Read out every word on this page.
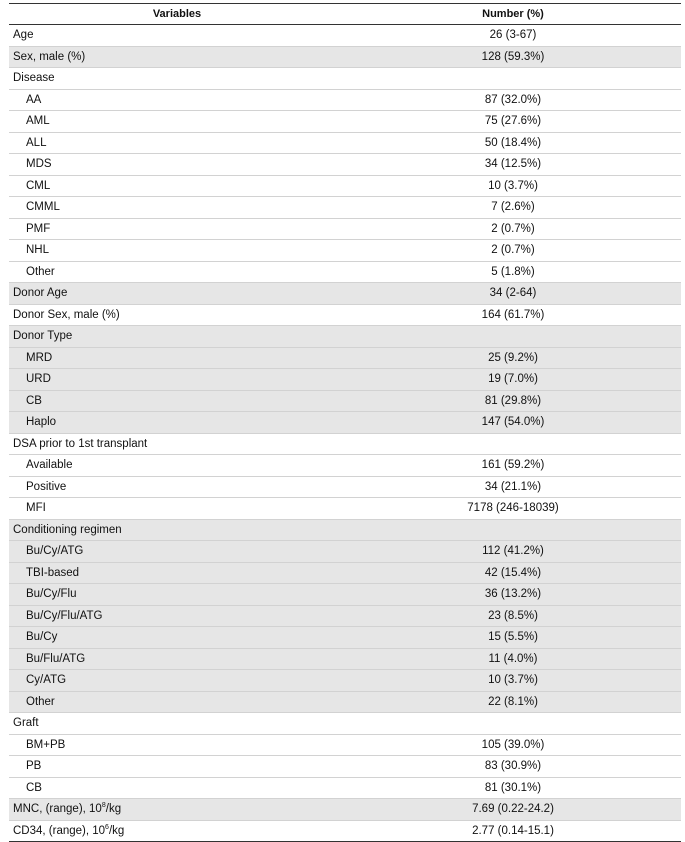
Variables	Number (%)
Age	26 (3-67)
Sex, male (%)	128 (59.3%)
Disease
AA	87 (32.0%)
AML	75 (27.6%)
ALL	50 (18.4%)
MDS	34 (12.5%)
CML	10 (3.7%)
CMML	7 (2.6%)
PMF	2 (0.7%)
NHL	2 (0.7%)
Other	5 (1.8%)
Donor Age	34 (2-64)
Donor Sex, male (%)	164 (61.7%)
Donor Type
MRD	25 (9.2%)
URD	19 (7.0%)
CB	81 (29.8%)
Haplo	147 (54.0%)
DSA prior to 1st transplant
Available	161 (59.2%)
Positive	34 (21.1%)
MFI	7178 (246-18039)
Conditioning regimen
Bu/Cy/ATG	112 (41.2%)
TBI-based	42 (15.4%)
Bu/Cy/Flu	36 (13.2%)
Bu/Cy/Flu/ATG	23 (8.5%)
Bu/Cy	15 (5.5%)
Bu/Flu/ATG	11 (4.0%)
Cy/ATG	10 (3.7%)
Other	22 (8.1%)
Graft
BM+PB	105 (39.0%)
PB	83 (30.9%)
CB	81 (30.1%)
MNC, (range), $10^8/kg$	7.69 (0.22-24.2)
CD34, (range), $10^6/kg$	2.77 (0.14-15.1)
